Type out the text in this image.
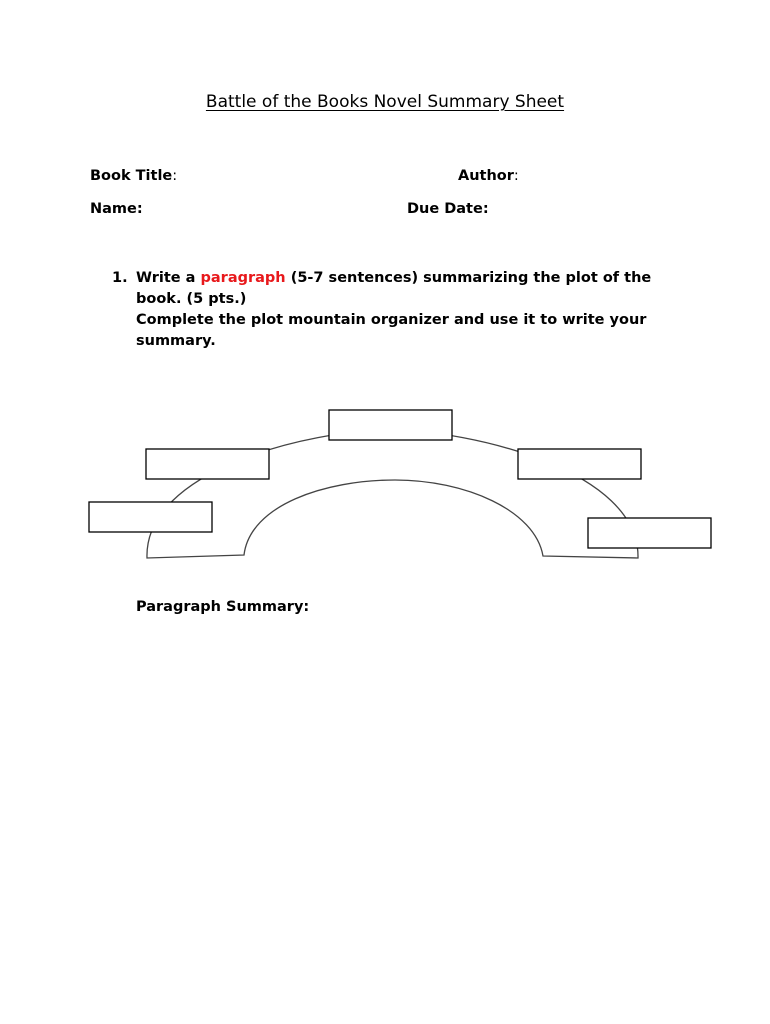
Battle of the Books Novel Summary Sheet
Book Title:	Author:
Name:	Due Date:
1. Write a paragraph (5-7 sentences) summarizing the plot of the
book. (5 pts.)
Complete the plot mountain organizer and use it to write your
summary.
Paragraph Summary:
